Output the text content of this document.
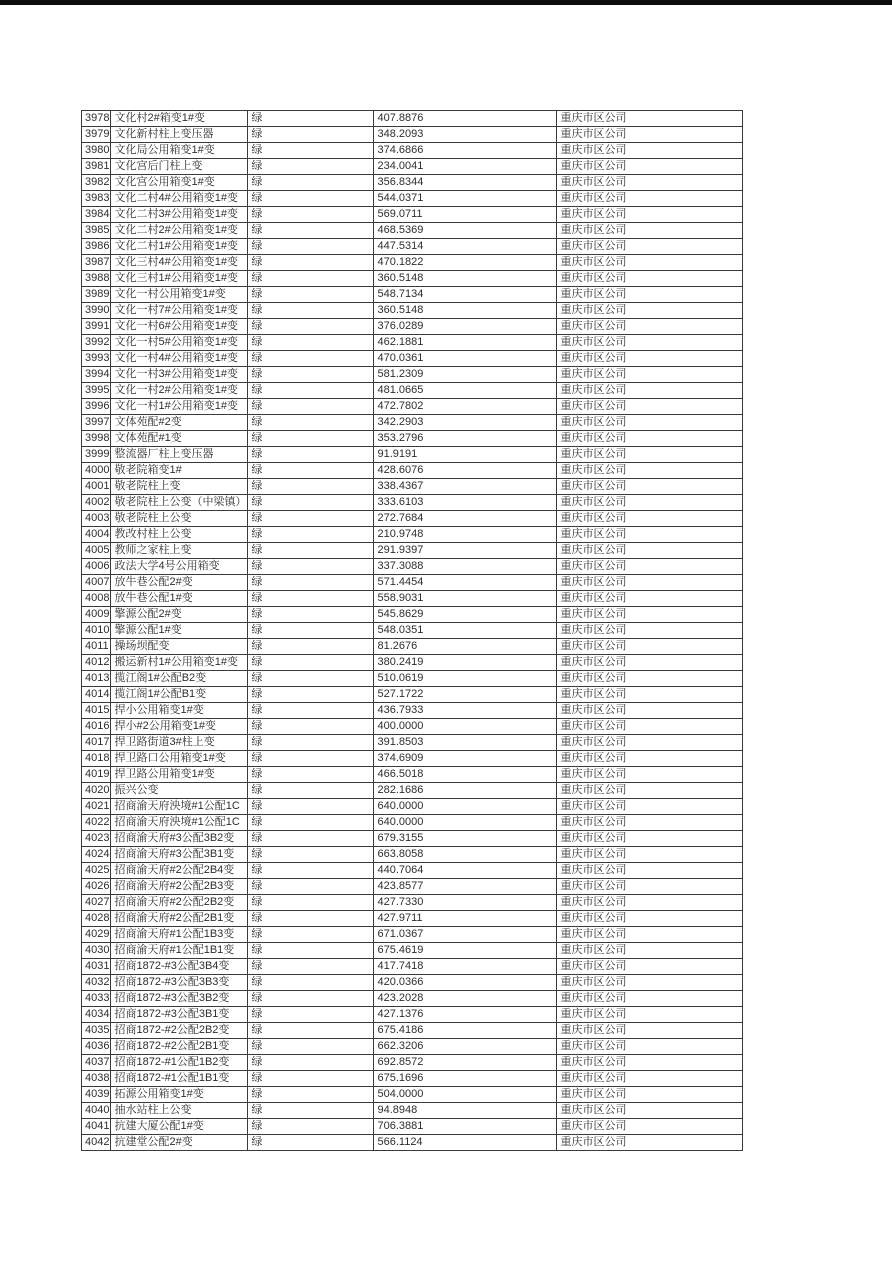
3978	文化村2#箱变1#变	绿	407.8876	重庆市区公司
3979	文化新村柱上变压器	绿	348.2093	重庆市区公司
3980	文化局公用箱变1#变	绿	374.6866	重庆市区公司
3981	文化宫后门柱上变	绿	234.0041	重庆市区公司
3982	文化宫公用箱变1#变	绿	356.8344	重庆市区公司
3983	文化二村4#公用箱变1#变	绿	544.0371	重庆市区公司
3984	文化二村3#公用箱变1#变	绿	569.0711	重庆市区公司
3985	文化二村2#公用箱变1#变	绿	468.5369	重庆市区公司
3986	文化二村1#公用箱变1#变	绿	447.5314	重庆市区公司
3987	文化三村4#公用箱变1#变	绿	470.1822	重庆市区公司
3988	文化三村1#公用箱变1#变	绿	360.5148	重庆市区公司
3989	文化一村公用箱变1#变	绿	548.7134	重庆市区公司
3990	文化一村7#公用箱变1#变	绿	360.5148	重庆市区公司
3991	文化一村6#公用箱变1#变	绿	376.0289	重庆市区公司
3992	文化一村5#公用箱变1#变	绿	462.1881	重庆市区公司
3993	文化一村4#公用箱变1#变	绿	470.0361	重庆市区公司
3994	文化一村3#公用箱变1#变	绿	581.2309	重庆市区公司
3995	文化一村2#公用箱变1#变	绿	481.0665	重庆市区公司
3996	文化一村1#公用箱变1#变	绿	472.7802	重庆市区公司
3997	文体苑配#2变	绿	342.2903	重庆市区公司
3998	文体苑配#1变	绿	353.2796	重庆市区公司
3999	整流器厂柱上变压器	绿	91.9191	重庆市区公司
4000	敬老院箱变1#	绿	428.6076	重庆市区公司
4001	敬老院柱上变	绿	338.4367	重庆市区公司
4002	敬老院柱上公变（中梁镇）	绿	333.6103	重庆市区公司
4003	敬老院柱上公变	绿	272.7684	重庆市区公司
4004	教改村柱上公变	绿	210.9748	重庆市区公司
4005	教师之家柱上变	绿	291.9397	重庆市区公司
4006	政法大学4号公用箱变	绿	337.3088	重庆市区公司
4007	放牛巷公配2#变	绿	571.4454	重庆市区公司
4008	放牛巷公配1#变	绿	558.9031	重庆市区公司
4009	擎源公配2#变	绿	545.8629	重庆市区公司
4010	擎源公配1#变	绿	548.0351	重庆市区公司
4011	操场坝配变	绿	81.2676	重庆市区公司
4012	搬运新村1#公用箱变1#变	绿	380.2419	重庆市区公司
4013	揽江阁1#公配B2变	绿	510.0619	重庆市区公司
4014	揽江阁1#公配B1变	绿	527.1722	重庆市区公司
4015	捍小公用箱变1#变	绿	436.7933	重庆市区公司
4016	捍小#2公用箱变1#变	绿	400.0000	重庆市区公司
4017	捍卫路街道3#柱上变	绿	391.8503	重庆市区公司
4018	捍卫路口公用箱变1#变	绿	374.6909	重庆市区公司
4019	捍卫路公用箱变1#变	绿	466.5018	重庆市区公司
4020	振兴公变	绿	282.1686	重庆市区公司
4021	招商渝天府泱境#1公配1C	绿	640.0000	重庆市区公司
4022	招商渝天府泱境#1公配1C	绿	640.0000	重庆市区公司
4023	招商渝天府#3公配3B2变	绿	679.3155	重庆市区公司
4024	招商渝天府#3公配3B1变	绿	663.8058	重庆市区公司
4025	招商渝天府#2公配2B4变	绿	440.7064	重庆市区公司
4026	招商渝天府#2公配2B3变	绿	423.8577	重庆市区公司
4027	招商渝天府#2公配2B2变	绿	427.7330	重庆市区公司
4028	招商渝天府#2公配2B1变	绿	427.9711	重庆市区公司
4029	招商渝天府#1公配1B3变	绿	671.0367	重庆市区公司
4030	招商渝天府#1公配1B1变	绿	675.4619	重庆市区公司
4031	招商1872-#3公配3B4变	绿	417.7418	重庆市区公司
4032	招商1872-#3公配3B3变	绿	420.0366	重庆市区公司
4033	招商1872-#3公配3B2变	绿	423.2028	重庆市区公司
4034	招商1872-#3公配3B1变	绿	427.1376	重庆市区公司
4035	招商1872-#2公配2B2变	绿	675.4186	重庆市区公司
4036	招商1872-#2公配2B1变	绿	662.3206	重庆市区公司
4037	招商1872-#1公配1B2变	绿	692.8572	重庆市区公司
4038	招商1872-#1公配1B1变	绿	675.1696	重庆市区公司
4039	拓源公用箱变1#变	绿	504.0000	重庆市区公司
4040	抽水站柱上公变	绿	94.8948	重庆市区公司
4041	抗建大厦公配1#变	绿	706.3881	重庆市区公司
4042	抗建堂公配2#变	绿	566.1124	重庆市区公司
